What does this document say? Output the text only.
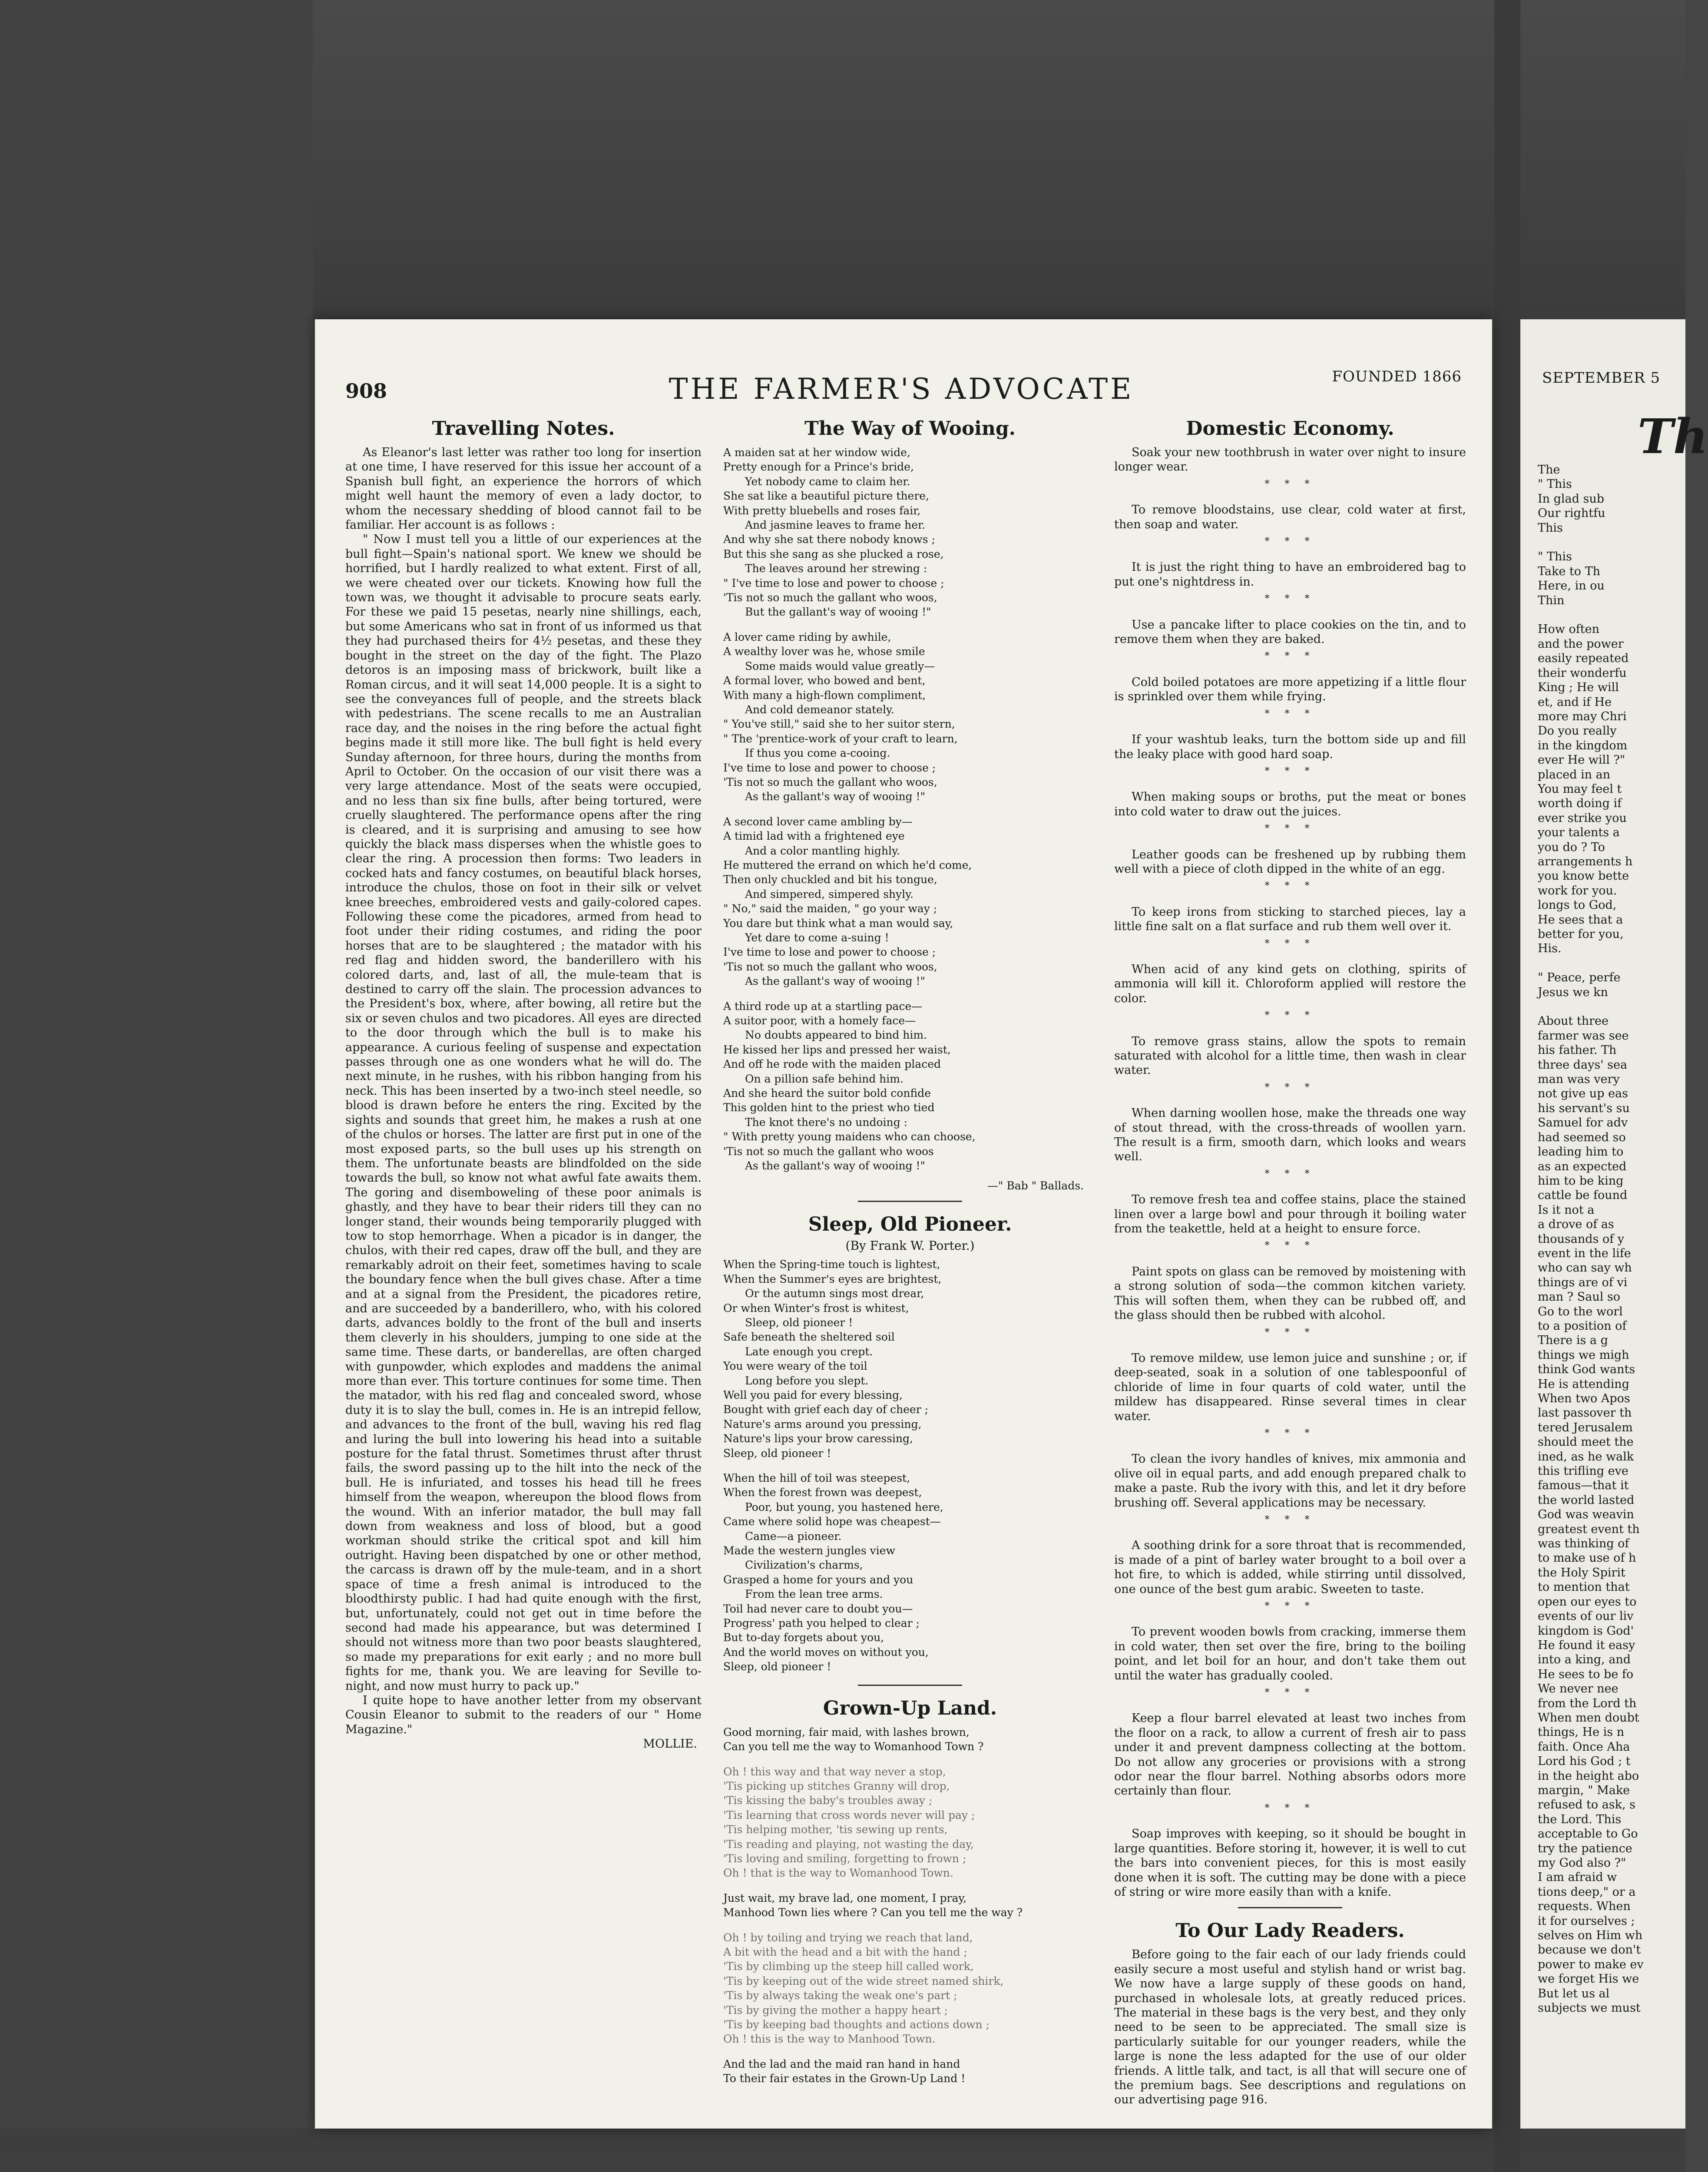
908	THE FARMER'S ADVOCATE	FOUNDED 1866
Travelling Notes.

As Eleanor's last letter was rather too long for insertion at one time, I have reserved for this issue her account of a Spanish bull fight, an experience the horrors of which might well haunt the memory of even a lady doctor, to whom the necessary shedding of blood cannot fail to be familiar. Her account is as follows :

" Now I must tell you a little of our experiences at the bull fight—Spain's national sport. We knew we should be horrified, but I hardly realized to what extent. First of all, we were cheated over our tickets. Knowing how full the town was, we thought it advisable to procure seats early. For these we paid 15 pesetas, nearly nine shillings, each, but some Americans who sat in front of us informed us that they had purchased theirs for 4½ pesetas, and these they bought in the street on the day of the fight. The Plazo detoros is an imposing mass of brickwork, built like a Roman circus, and it will seat 14,000 people. It is a sight to see the conveyances full of people, and the streets black with pedestrians. The scene recalls to me an Australian race day, and the noises in the ring before the actual fight begins made it still more like. The bull fight is held every Sunday afternoon, for three hours, during the months from April to October. On the occasion of our visit there was a very large attendance. Most of the seats were occupied, and no less than six fine bulls, after being tortured, were cruelly slaughtered. The performance opens after the ring is cleared, and it is surprising and amusing to see how quickly the black mass disperses when the whistle goes to clear the ring. A procession then forms: Two leaders in cocked hats and fancy costumes, on beautiful black horses, introduce the chulos, those on foot in their silk or velvet knee breeches, embroidered vests and gaily-colored capes. Following these come the picadores, armed from head to foot under their riding costumes, and riding the poor horses that are to be slaughtered ; the matador with his red flag and hidden sword, the banderillero with his colored darts, and, last of all, the mule-team that is destined to carry off the slain. The procession advances to the President's box, where, after bowing, all retire but the six or seven chulos and two picadores. All eyes are directed to the door through which the bull is to make his appearance. A curious feeling of suspense and expectation passes through one as one wonders what he will do. The next minute, in he rushes, with his ribbon hanging from his neck. This has been inserted by a two-inch steel needle, so blood is drawn before he enters the ring. Excited by the sights and sounds that greet him, he makes a rush at one of the chulos or horses. The latter are first put in one of the most exposed parts, so the bull uses up his strength on them. The unfortunate beasts are blindfolded on the side towards the bull, so know not what awful fate awaits them. The goring and disemboweling of these poor animals is ghastly, and they have to bear their riders till they can no longer stand, their wounds being temporarily plugged with tow to stop hemorrhage. When a picador is in danger, the chulos, with their red capes, draw off the bull, and they are remarkably adroit on their feet, sometimes having to scale the boundary fence when the bull gives chase. After a time and at a signal from the President, the picadores retire, and are succeeded by a banderillero, who, with his colored darts, advances boldly to the front of the bull and inserts them cleverly in his shoulders, jumping to one side at the same time. These darts, or banderellas, are often charged with gunpowder, which explodes and maddens the animal more than ever. This torture continues for some time. Then the matador, with his red flag and concealed sword, whose duty it is to slay the bull, comes in. He is an intrepid fellow, and advances to the front of the bull, waving his red flag and luring the bull into lowering his head into a suitable posture for the fatal thrust. Sometimes thrust after thrust fails, the sword passing up to the hilt into the neck of the bull. He is infuriated, and tosses his head till he frees himself from the weapon, whereupon the blood flows from the wound. With an inferior matador, the bull may fall down from weakness and loss of blood, but a good workman should strike the critical spot and kill him outright. Having been dispatched by one or other method, the carcass is drawn off by the mule-team, and in a short space of time a fresh animal is introduced to the bloodthirsty public. I had had quite enough with the first, but, unfortunately, could not get out in time before the second had made his appearance, but was determined I should not witness more than two poor beasts slaughtered, so made my preparations for exit early ; and no more bull fights for me, thank you. We are leaving for Seville to-night, and now must hurry to pack up."

I quite hope to have another letter from my observant Cousin Eleanor to submit to the readers of our " Home Magazine."

MOLLIE.
The Way of Wooing.
A maiden sat at her window wide,
Pretty enough for a Prince's bride,
Yet nobody came to claim her.
She sat like a beautiful picture there,
With pretty bluebells and roses fair,
And jasmine leaves to frame her.
And why she sat there nobody knows ;
But this she sang as she plucked a rose,
The leaves around her strewing :
" I've time to lose and power to choose ;
'Tis not so much the gallant who woos,
But the gallant's way of wooing !"
A lover came riding by awhile,
A wealthy lover was he, whose smile
Some maids would value greatly—
A formal lover, who bowed and bent,
With many a high-flown compliment,
And cold demeanor stately.
" You've still," said she to her suitor stern,
" The 'prentice-work of your craft to learn,
If thus you come a-cooing.
I've time to lose and power to choose ;
'Tis not so much the gallant who woos,
As the gallant's way of wooing !"
A second lover came ambling by—
A timid lad with a frightened eye
And a color mantling highly.
He muttered the errand on which he'd come,
Then only chuckled and bit his tongue,
And simpered, simpered shyly.
" No," said the maiden, " go your way ;
You dare but think what a man would say,
Yet dare to come a-suing !
I've time to lose and power to choose ;
'Tis not so much the gallant who woos,
As the gallant's way of wooing !"
A third rode up at a startling pace—
A suitor poor, with a homely face—
No doubts appeared to bind him.
He kissed her lips and pressed her waist,
And off he rode with the maiden placed
On a pillion safe behind him.
And she heard the suitor bold confide
This golden hint to the priest who tied
The knot there's no undoing :
" With pretty young maidens who can choose,
'Tis not so much the gallant who woos
As the gallant's way of wooing !"
—" Bab " Ballads.
Sleep, Old Pioneer.
(By Frank W. Porter.)
When the Spring-time touch is lightest,
When the Summer's eyes are brightest,
Or the autumn sings most drear,
Or when Winter's frost is whitest,
Sleep, old pioneer !
Safe beneath the sheltered soil
Late enough you crept.
You were weary of the toil
Long before you slept.
Well you paid for every blessing,
Bought with grief each day of cheer ;
Nature's arms around you pressing,
Nature's lips your brow caressing,
Sleep, old pioneer !
When the hill of toil was steepest,
When the forest frown was deepest,
Poor, but young, you hastened here,
Came where solid hope was cheapest—
Came—a pioneer.
Made the western jungles view
Civilization's charms,
Grasped a home for yours and you
From the lean tree arms.
Toil had never care to doubt you—
Progress' path you helped to clear ;
But to-day forgets about you,
And the world moves on without you,
Sleep, old pioneer !
Grown-Up Land.
Good morning, fair maid, with lashes brown,
Can you tell me the way to Womanhood Town ?
Oh ! this way and that way never a stop,
'Tis picking up stitches Granny will drop,
'Tis kissing the baby's troubles away ;
'Tis learning that cross words never will pay ;
'Tis helping mother, 'tis sewing up rents,
'Tis reading and playing, not wasting the day,
'Tis loving and smiling, forgetting to frown ;
Oh ! that is the way to Womanhood Town.
Just wait, my brave lad, one moment, I pray,
Manhood Town lies where ? Can you tell me the way ?
Oh ! by toiling and trying we reach that land,
A bit with the head and a bit with the hand ;
'Tis by climbing up the steep hill called work,
'Tis by keeping out of the wide street named shirk,
'Tis by always taking the weak one's part ;
'Tis by giving the mother a happy heart ;
'Tis by keeping bad thoughts and actions down ;
Oh ! this is the way to Manhood Town.
And the lad and the maid ran hand in hand
To their fair estates in the Grown-Up Land !
Domestic Economy.

Soak your new toothbrush in water over night to insure longer wear.

* * *

To remove bloodstains, use clear, cold water at first, then soap and water.

* * *

It is just the right thing to have an embroidered bag to put one's nightdress in.

* * *

Use a pancake lifter to place cookies on the tin, and to remove them when they are baked.

* * *

Cold boiled potatoes are more appetizing if a little flour is sprinkled over them while frying.

* * *

If your washtub leaks, turn the bottom side up and fill the leaky place with good hard soap.

* * *

When making soups or broths, put the meat or bones into cold water to draw out the juices.

* * *

Leather goods can be freshened up by rubbing them well with a piece of cloth dipped in the white of an egg.

* * *

To keep irons from sticking to starched pieces, lay a little fine salt on a flat surface and rub them well over it.

* * *

When acid of any kind gets on clothing, spirits of ammonia will kill it. Chloroform applied will restore the color.

* * *

To remove grass stains, allow the spots to remain saturated with alcohol for a little time, then wash in clear water.

* * *

When darning woollen hose, make the threads one way of stout thread, with the cross-threads of woollen yarn. The result is a firm, smooth darn, which looks and wears well.

* * *

To remove fresh tea and coffee stains, place the stained linen over a large bowl and pour through it boiling water from the teakettle, held at a height to ensure force.

* * *

Paint spots on glass can be removed by moistening with a strong solution of soda—the common kitchen variety. This will soften them, when they can be rubbed off, and the glass should then be rubbed with alcohol.

* * *

To remove mildew, use lemon juice and sunshine ; or, if deep-seated, soak in a solution of one tablespoonful of chloride of lime in four quarts of cold water, until the mildew has disappeared. Rinse several times in clear water.

* * *

To clean the ivory handles of knives, mix ammonia and olive oil in equal parts, and add enough prepared chalk to make a paste. Rub the ivory with this, and let it dry before brushing off. Several applications may be necessary.

* * *

A soothing drink for a sore throat that is recommended, is made of a pint of barley water brought to a boil over a hot fire, to which is added, while stirring until dissolved, one ounce of the best gum arabic. Sweeten to taste.

* * *

To prevent wooden bowls from cracking, immerse them in cold water, then set over the fire, bring to the boiling point, and let boil for an hour, and don't take them out until the water has gradually cooled.

* * *

Keep a flour barrel elevated at least two inches from the floor on a rack, to allow a current of fresh air to pass under it and prevent dampness collecting at the bottom. Do not allow any groceries or provisions with a strong odor near the flour barrel. Nothing absorbs odors more certainly than flour.

* * *

Soap improves with keeping, so it should be bought in large quantities. Before storing it, however, it is well to cut the bars into convenient pieces, for this is most easily done when it is soft. The cutting may be done with a piece of string or wire more easily than with a knife.

To Our Lady Readers.

Before going to the fair each of our lady friends could easily secure a most useful and stylish hand or wrist bag. We now have a large supply of these goods on hand, purchased in wholesale lots, at greatly reduced prices. The material in these bags is the very best, and they only need to be seen to be appreciated. The small size is particularly suitable for our younger readers, while the large is none the less adapted for the use of our older friends. A little talk, and tact, is all that will secure one of the premium bags. See descriptions and regulations on our advertising page 916.

SEPTEMBER 5
Th
The
" This
In glad sub
Our rightfu
This

" This
Take to Th
Here, in ou
Thin

How often
and the power
easily repeated
their wonderfu
King ; He will
et, and if He
more may Chri
Do you really
in the kingdom
ever He will ?"
placed in an
You may feel t
worth doing if
ever strike you
your talents a
you do ? To
arrangements h
you know bette
work for you.
longs to God,
He sees that a
better for you,
His.

" Peace, perfe
Jesus we kn

About three
farmer was see
his father. Th
three days' sea
man was very
not give up eas
his servant's su
Samuel for adv
had seemed so
leading him to
as an expected
him to be king
cattle be found
Is it not a
a drove of as
thousands of y
event in the life
who can say wh
things are of vi
man ? Saul so
Go to the worl
to a position of
There is a g
things we migh
think God wants
He is attending
When two Apos
last passover th
tered Jerusalem
should meet the
ined, as he walk
this trifling eve
famous—that it
the world lasted
God was weavin
greatest event th
was thinking of
to make use of h
the Holy Spirit
to mention that
open our eyes to
events of our liv
kingdom is God'
He found it easy
into a king, and
He sees to be fo
We never nee
from the Lord th
When men doubt
things, He is n
faith. Once Aha
Lord his God ; t
in the height abo
margin, " Make
refused to ask, s
the Lord. This
acceptable to Go
try the patience
my God also ?"
I am afraid w
tions deep," or a
requests. When
it for ourselves ;
selves on Him wh
because we don't
power to make ev
we forget His we
But let us al
subjects we must
